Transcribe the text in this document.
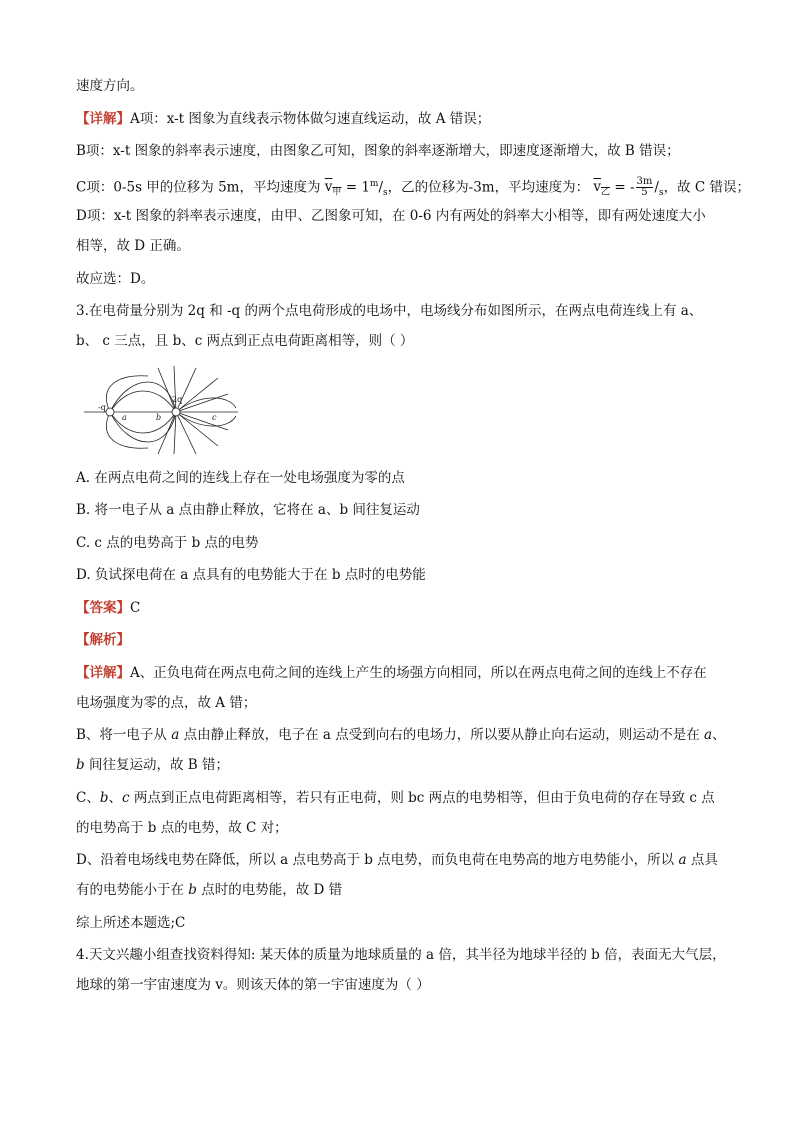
速度方向。
【详解】A项：x-t 图象为直线表示物体做匀速直线运动，故 A 错误；
B项：x-t 图象的斜率表示速度，由图象乙可知，图象的斜率逐渐增大，即速度逐渐增大，故 B 错误；
C项：0-5s 甲的位移为 5m，平均速度为 $v_甲 = 1^m/_s$，乙的位移为-3m，平均速度为： $v_乙$ = - $\frac{3m}{5} /_s$，故 C 错误；
D项：x-t 图象的斜率表示速度，由甲、乙图象可知，在 0-6 内有两处的斜率大小相等，即有两处速度大小
相等，故 D 正确。
故应选：D。
3.在电荷量分别为 2q 和 -q 的两个点电荷形成的电场中，电场线分布如图所示，在两点电荷连线上有 a、
b、 c 三点，且 b、c 两点到正点电荷距离相等，则（ ）
-q
2q
a	b	c
A. 在两点电荷之间的连线上存在一处电场强度为零的点
B. 将一电子从 a 点由静止释放，它将在 a、b 间往复运动
C. c 点的电势高于 b 点的电势
D. 负试探电荷在 a 点具有的电势能大于在 b 点时的电势能
【答案】C
【解析】
【详解】A、正负电荷在两点电荷之间的连线上产生的场强方向相同，所以在两点电荷之间的连线上不存在
电场强度为零的点，故 A 错；
B、将一电子从 a 点由静止释放，电子在 a 点受到向右的电场力，所以要从静止向右运动，则运动不是在 a、
b 间往复运动，故 B 错；
C、b、c 两点到正点电荷距离相等，若只有正电荷，则 bc 两点的电势相等，但由于负电荷的存在导致 c 点
的电势高于 b 点的电势，故 C 对；
D、沿着电场线电势在降低，所以 a 点电势高于 b 点电势，而负电荷在电势高的地方电势能小，所以 a 点具
有的电势能小于在 b 点时的电势能，故 D 错
综上所述本题选;C
4.天文兴趣小组查找资料得知: 某天体的质量为地球质量的 a 倍，其半径为地球半径的 b 倍，表面无大气层，
地球的第一宇宙速度为 v。则该天体的第一宇宙速度为（ ）
